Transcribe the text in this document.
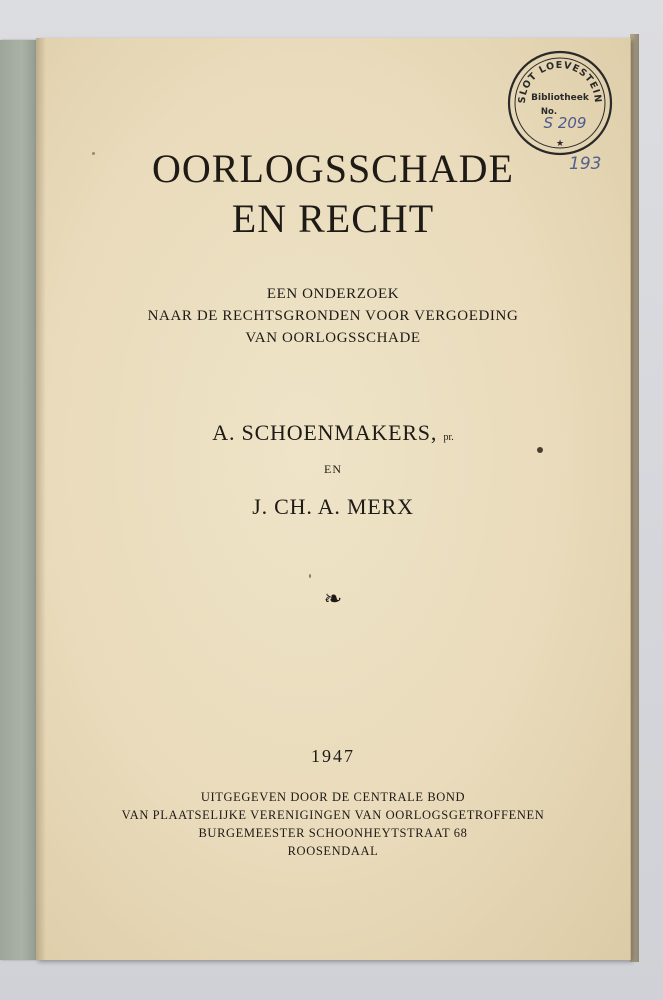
OORLOGSSCHADE
EN RECHT
EEN ONDERZOEK
NAAR DE RECHTSGRONDEN VOOR VERGOEDING
VAN OORLOGSSCHADE
A. SCHOENMAKERS, pr.
EN
J. CH. A. MERX
❧
1947
UITGEGEVEN DOOR DE CENTRALE BOND
VAN PLAATSELIJKE VERENIGINGEN VAN OORLOGSGETROFFENEN
BURGEMEESTER SCHOONHEYTSTRAAT 68
ROOSENDAAL
SLOT LOEVESTEIN
Bibliotheek
No.
S 209
★
193
